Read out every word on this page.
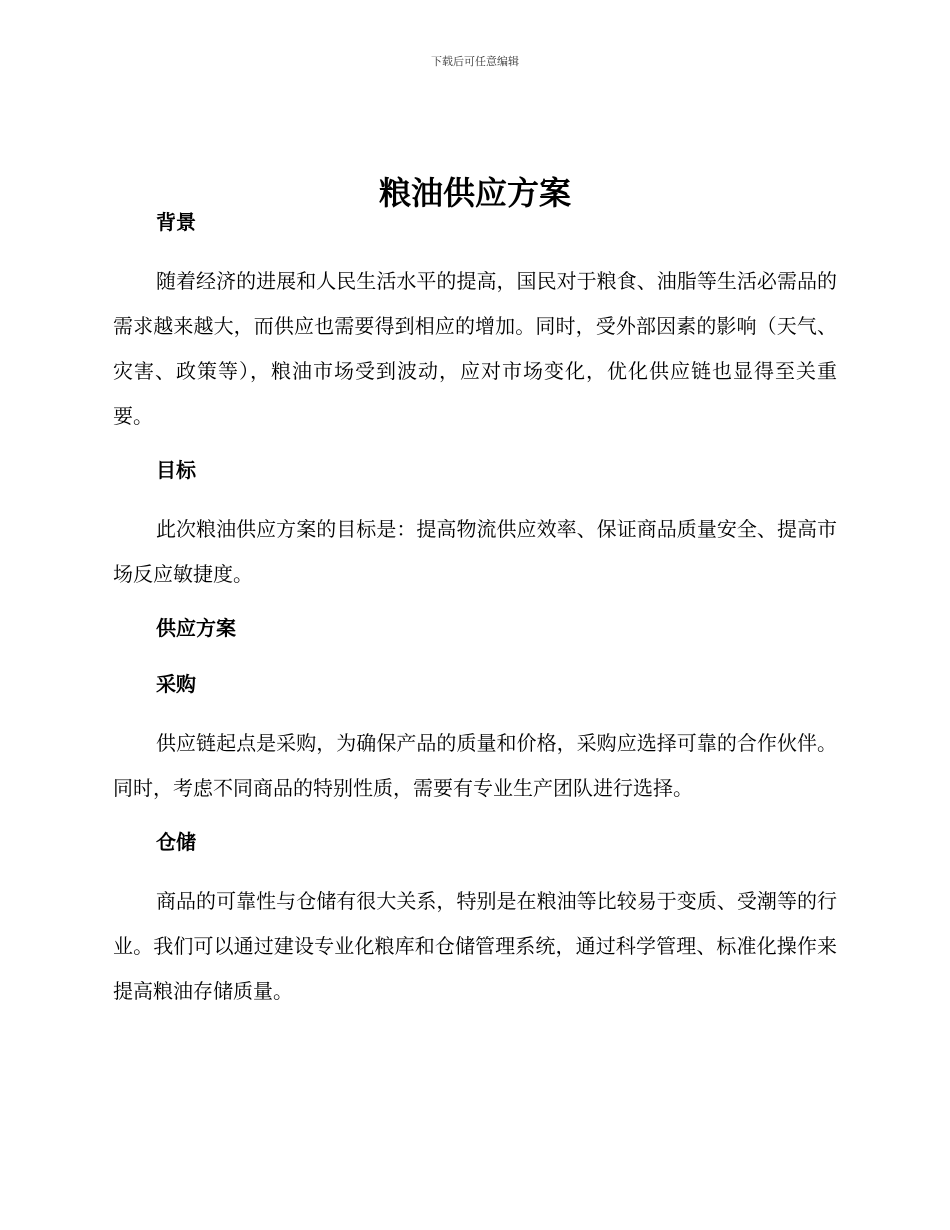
下载后可任意编辑
粮油供应方案
背景

随着经济的进展和人民生活水平的提高，国民对于粮食、油脂等生活必需品的需求越来越大，而供应也需要得到相应的增加。同时，受外部因素的影响（天气、灾害、政策等），粮油市场受到波动，应对市场变化，优化供应链也显得至关重要。

目标

此次粮油供应方案的目标是：提高物流供应效率、保证商品质量安全、提高市场反应敏捷度。

供应方案
采购

供应链起点是采购，为确保产品的质量和价格，采购应选择可靠的合作伙伴。同时，考虑不同商品的特别性质，需要有专业生产团队进行选择。

仓储

商品的可靠性与仓储有很大关系，特别是在粮油等比较易于变质、受潮等的行业。我们可以通过建设专业化粮库和仓储管理系统，通过科学管理、标准化操作来提高粮油存储质量。
